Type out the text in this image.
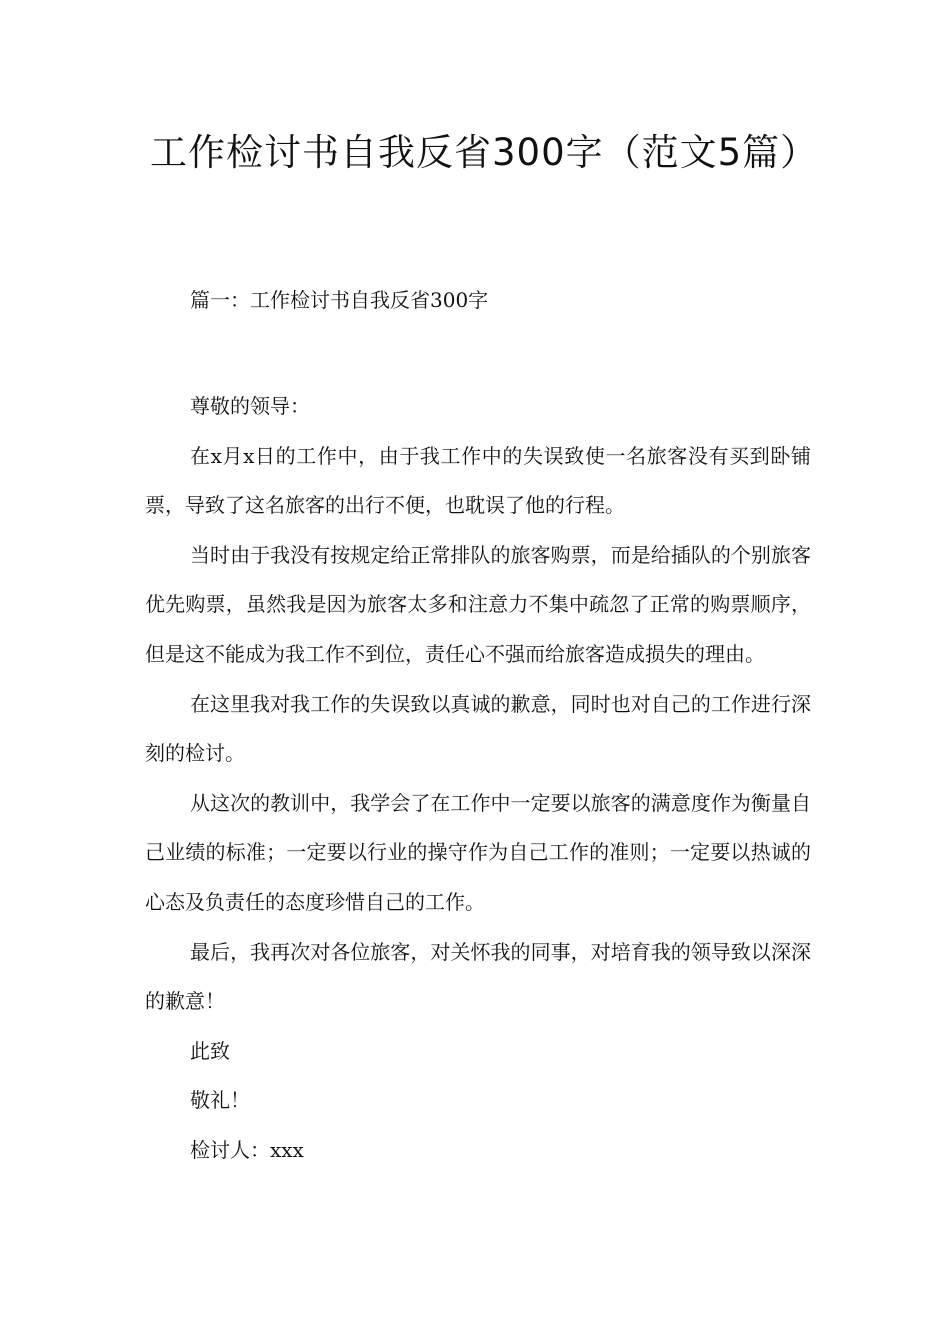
工作检讨书自我反省300字（范文5篇）

篇一：工作检讨书自我反省300字

尊敬的领导：

在x月x日的工作中，由于我工作中的失误致使一名旅客没有买到卧铺票，导致了这名旅客的出行不便，也耽误了他的行程。

当时由于我没有按规定给正常排队的旅客购票，而是给插队的个别旅客优先购票，虽然我是因为旅客太多和注意力不集中疏忽了正常的购票顺序，但是这不能成为我工作不到位，责任心不强而给旅客造成损失的理由。

在这里我对我工作的失误致以真诚的歉意，同时也对自己的工作进行深刻的检讨。

从这次的教训中，我学会了在工作中一定要以旅客的满意度作为衡量自己业绩的标准；一定要以行业的操守作为自己工作的准则；一定要以热诚的心态及负责任的态度珍惜自己的工作。

最后，我再次对各位旅客，对关怀我的同事，对培育我的领导致以深深的歉意！

此致

敬礼！

检讨人：xxx
